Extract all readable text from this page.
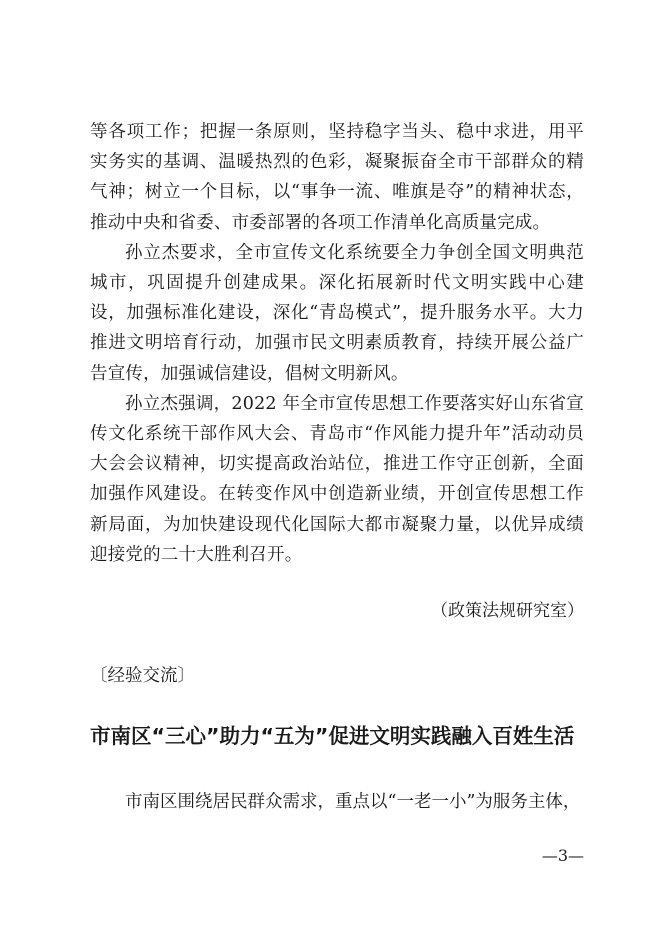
等各项工作；把握一条原则，坚持稳字当头、稳中求进，用平实务实的基调、温暖热烈的色彩，凝聚振奋全市干部群众的精气神；树立一个目标，以“事争一流、唯旗是夺”的精神状态，推动中央和省委、市委部署的各项工作清单化高质量完成。

孙立杰要求，全市宣传文化系统要全力争创全国文明典范城市，巩固提升创建成果。深化拓展新时代文明实践中心建设，加强标准化建设，深化“青岛模式”，提升服务水平。大力推进文明培育行动，加强市民文明素质教育，持续开展公益广告宣传，加强诚信建设，倡树文明新风。

孙立杰强调，2022 年全市宣传思想工作要落实好山东省宣传文化系统干部作风大会、青岛市“作风能力提升年”活动动员大会会议精神，切实提高政治站位，推进工作守正创新，全面加强作风建设。在转变作风中创造新业绩，开创宣传思想工作新局面，为加快建设现代化国际大都市凝聚力量，以优异成绩迎接党的二十大胜利召开。

（政策法规研究室）
〔经验交流〕
市南区“三心”助力“五为”促进文明实践融入百姓生活
市南区围绕居民群众需求，重点以“一老一小”为服务主体，
—3—
